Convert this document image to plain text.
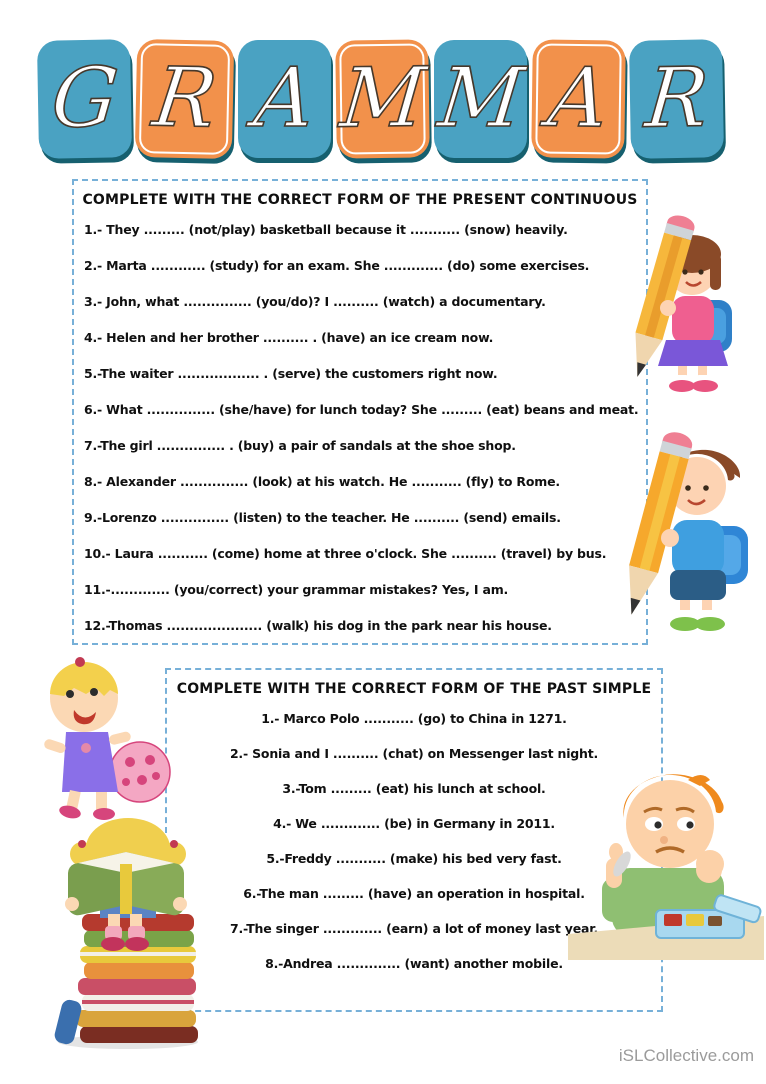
G R A M M A R
COMPLETE WITH THE CORRECT FORM OF THE PRESENT CONTINUOUS
1.- They ......... (not/play) basketball because it ........... (snow) heavily.
2.- Marta ............ (study) for an exam. She ............. (do) some exercises.
3.- John, what ............... (you/do)? I .......... (watch) a documentary.
4.- Helen and her brother .......... . (have) an ice cream now.
5.-The waiter .................. . (serve) the customers right now.
6.- What ............... (she/have) for lunch today? She ......... (eat) beans and meat.
7.-The girl ............... . (buy) a pair of sandals at the shoe shop.
8.- Alexander ............... (look) at his watch. He ........... (fly) to Rome.
9.-Lorenzo ............... (listen) to the teacher. He .......... (send) emails.
10.- Laura ........... (come) home at three o'clock. She .......... (travel) by bus.
11.-............. (you/correct) your grammar mistakes? Yes, I am.
12.-Thomas ..................... (walk) his dog in the park near his house.
COMPLETE WITH THE CORRECT FORM OF THE PAST SIMPLE
1.- Marco Polo ........... (go) to China in 1271.
2.- Sonia and I .......... (chat) on Messenger last night.
3.-Tom ......... (eat) his lunch at school.
4.- We ............. (be) in Germany in 2011.
5.-Freddy ........... (make) his bed very fast.
6.-The man ......... (have) an operation in hospital.
7.-The singer ............. (earn) a lot of money last year.
8.-Andrea .............. (want) another mobile.
iSLCollective.com
